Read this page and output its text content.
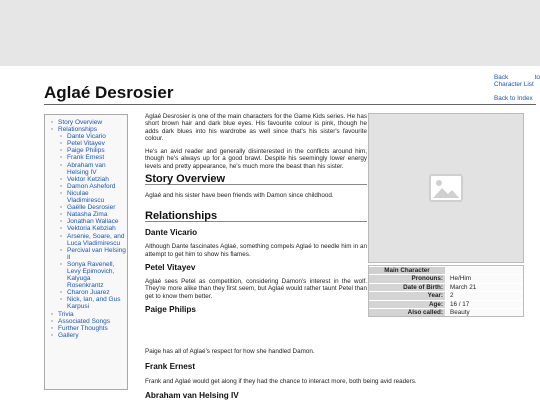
Back	to
Character List
Back to Index
Aglaé Desrosier
◦ Story Overview
◦ Relationships
◦ Dante Vicario
◦ Petel Vitayev
◦ Paige Philips
◦ Frank Ernest
◦ Abraham van Helsing IV
◦ Vektor Ketziah
◦ Damon Asheford
◦ Niculae Vladimirescu
◦ Gaëlle Desrosier
◦ Natasha Zima
◦ Jonathan Wallace
◦ Vektoria Kebziah
◦ Arsenie, Soare, and Luca Vladimirescu
◦ Percival van Helsing II
◦ Sonya Ravenell, Levy Epimovich, Kalyuga Rosenkrantz
◦ Charon Juarez
◦ Nick, Ian, and Gus Karpusi
◦ Trivia
◦ Associated Songs
◦ Further Thoughts
◦ Gallery

Aglaé Desrosier is one of the main characters for the Game Kids series. He has short brown hair and dark blue eyes. His favourite colour is pink, though he adds dark blues into his wardrobe as well since that's his sister's favourite colour.

He's an avid reader and generally disinterested in the conflicts around him, though he's always up for a good brawl. Despite his seemingly lower energy levels and pretty appearance, he's much more the beast than his sister.

Story Overview

Aglaé and his sister have been friends with Damon since childhood.

Relationships
Dante Vicario

Although Dante fascinates Aglaé, something compels Aglaé to needle him in an attempt to get him to show his flames.

Petel Vitayev

Aglaé sees Petel as competition, considering Damon's interest in the wolf. They're more alike than they first seem, but Aglaé would rather taunt Petel than get to know them better.

Paige Philips

Paige has all of Aglaé's respect for how she handled Damon.

Frank Ernest

Frank and Aglaé would get along if they had the chance to interact more, both being avid readers.

Abraham van Helsing IV
Main Character
Pronouns:	He/Him
Date of Birth:	March 21
Year:	2
Age:	16 / 17
Also called:	Beauty
